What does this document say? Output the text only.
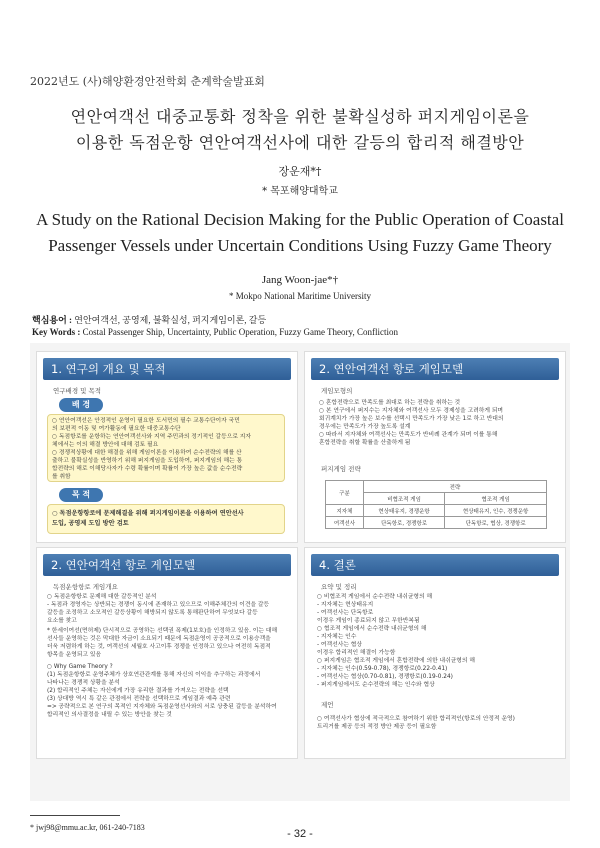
2022년도 (사)해양환경안전학회 춘계학술발표회
연안여객선 대중교통화 정착을 위한 불확실성하 퍼지게임이론을
이용한 독점운항 연안여객선사에 대한 갈등의 합리적 해결방안
장운재*†
* 목포해양대학교
A Study on the Rational Decision Making for the Public Operation of Coastal
Passenger Vessels under Uncertain Conditions Using Fuzzy Game Theory
Jang Woon-jae*†
* Mokpo National Maritime University
핵심용어 : 연안여객선, 공영제, 불확실성, 퍼지게임이론, 갈등
Key Words : Costal Passenger Ship, Uncertainty, Public Operation, Fuzzy Game Theory, Confliction
1. 연구의 개요 및 목적
연구배경 및 목적
배 경
○ 연안여객선은 안정적인 운영이 필요한 도서민의 필수 교통수단이자 국민
의 보편적 이동 및 여가활동에 필요한 대중교통수단
○ 독점항로를 운항하는 연안여객선사와 지역 주민과의 정기적인 갈등으로 지자
체에서는 이의 해결 방안에 대해 검토 필요
○ 경쟁적상황에 대한 해결을 위해 게임이론을 이용하여 순수전략의 해를 산
출하고 불확실성을 반영하기 위해 퍼지게임을 도입하여, 퍼지게임의 해는 통
합전략의 해로 이해당사자가 수령 확률이며 확률이 가장 높은 값을 순수전략
를 취함
목 적
○ 독점운항항로에 문제해결을 위해 퍼지게임이론을 이용하여 연안선사
도입, 공영제 도입 방안 검토
2. 연안여객선 항로 게임모델
게임모형의
○ 혼합전략으로 만족도를 최대로 하는 전략을 취하는 것
○ 본 연구에서 퍼지수는 지자체와 여객선사 모두 경제성을 고려하게 되며
회귀계치가 가장 높은 보수를 선택시 만족도가 가장 낮은 1로 하고 반대의
경우에는 만족도가 가장 높도록 설계
○ 따라서 지자체와 여객선사는 만족도가 반비례 관계가 되며 이를 통해
혼합전략을 취할 확률을 산출하게 됨
퍼지게임 전략
구분	전략	
	비협조적 게임	협조적 게임
지자체	현상태유지, 경쟁운항	현상태유지, 인수, 경쟁운항
여객선사	단독항로, 경쟁항로	단독항로, 협상, 경쟁항로
2. 연안여객선 항로 게임모델
독점운항항로 게임개요
○ 독점운항항로 문제해 대한 갈등적인 분석
- 독점과 경영자는 상반되는 경쟁이 동시에 존재하고 있으므로 이해주체간의 이견을 갈등
갈등을 조정하고 소모적인 갈등상황이 해방되지 않도록 통해판단하여 무엇보다 갈등
요소를 찾고
* 한세이여선(면허제) 단시적으로 공영하는 선택권 폭제(1보호)을 인정하고 있음. 이는 대해
선사들 운영하는 것은 막대한 자금이 소요되기 때문에 독점운영이 공공적으로 이용승객을
더욱 저렴하게 하는 것, 여객선의 세월호 사고이후 경쟁을 인정하고 있으나 여전히 독점적
항목을 운영되고 있음
○ Why Game Theory ?
(1) 독점운항항로 운영주체가 상호연관관계를 통해 자신의 이익을 추구하는 과정에서
나타나는 경쟁적 상황을 분석
(2) 합리적인 주체는 자신에게 가장 유리한 결과를 가져오는 전략을 선택
(3) 상대방 역시 특 같은 관점에서 전략을 선택하므로 게임결과 예측 관련
=> 공략적으로 본 연구의 목적인 지자체와 독점운영선사와의 서로 상충된 갈등을 분석하여
합리적인 의사결정을 내릴 수 있는 방안을 찾는 것
4. 결론
요약 및 정리
○ 비협조적 게임에서 순수전략 내쉬균형의 해
- 지자체는 현상태유지
- 여객선사는 단독항로
이경우 게임이 종료되지 않고 무한반복됨
○ 협조적 게임에서 순수전략 내쉬균형의 해
- 지자체는 인수
- 여객선사는 협상
이경우 합리적인 해결이 가능함
○ 퍼지게임은 협조적 게임에서 혼합전략에 의한 내쉬균형의 해
- 지자체는 인수(0.59-0.78), 경쟁항로(0.22-0.41)
- 여객선사는 협상(0.70-0.81), 경쟁항로(0.19-0.24)
- 퍼지게임에서도 순수전략의 해는 인수와 협상
제언
○ 여객선사가 협상에 적극적으로 참여하기 위한 합리적인(항로의 안정적 운영)
트리거를 제공 등의 적정 방안 제공 등이 필요함
* jwj98@mmu.ac.kr, 061-240-7183
- 32 -
